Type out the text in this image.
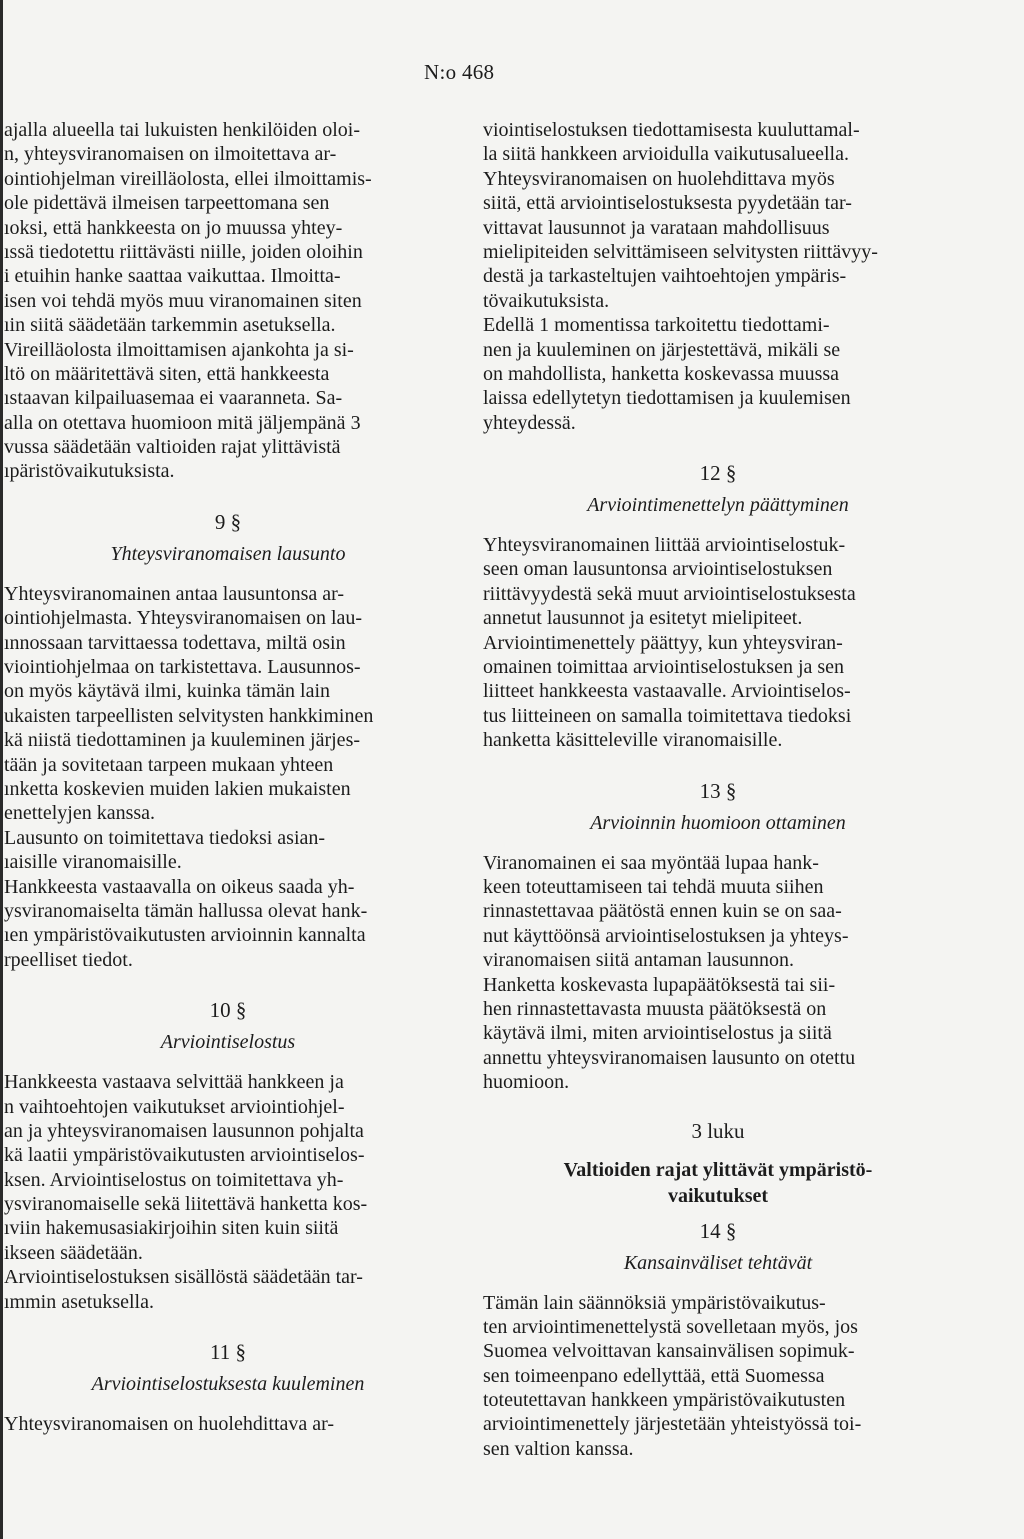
N:o 468
ajalla alueella tai lukuisten henkilöiden oloi-
n, yhteysviranomaisen on ilmoitettava ar-
ointiohjelman vireilläolosta, ellei ilmoittamis-
ole pidettävä ilmeisen tarpeettomana sen
ıoksi, että hankkeesta on jo muussa yhtey-
ıssä tiedotettu riittävästi niille, joiden oloihin
i etuihin hanke saattaa vaikuttaa. Ilmoitta-
isen voi tehdä myös muu viranomainen siten
ıin siitä säädetään tarkemmin asetuksella.
Vireilläolosta ilmoittamisen ajankohta ja si-
ltö on määritettävä siten, että hankkeesta
ıstaavan kilpailuasemaa ei vaaranneta. Sa-
alla on otettava huomioon mitä jäljempänä 3
vussa säädetään valtioiden rajat ylittävistä
ıpäristövaikutuksista.
9 §
Yhteysviranomaisen lausunto
Yhteysviranomainen antaa lausuntonsa ar-
ointiohjelmasta. Yhteysviranomaisen on lau-
ınnossaan tarvittaessa todettava, miltä osin
viointiohjelmaa on tarkistettava. Lausunnos-
on myös käytävä ilmi, kuinka tämän lain
ukaisten tarpeellisten selvitysten hankkiminen
kä niistä tiedottaminen ja kuuleminen järjes-
tään ja sovitetaan tarpeen mukaan yhteen
ınketta koskevien muiden lakien mukaisten
enettelyjen kanssa.
Lausunto on toimitettava tiedoksi asian-
ıaisille viranomaisille.
Hankkeesta vastaavalla on oikeus saada yh-
ysviranomaiselta tämän hallussa olevat hank-
ıen ympäristövaikutusten arvioinnin kannalta
rpeelliset tiedot.
10 §
Arviointiselostus
Hankkeesta vastaava selvittää hankkeen ja
n vaihtoehtojen vaikutukset arviointiohjel-
an ja yhteysviranomaisen lausunnon pohjalta
kä laatii ympäristövaikutusten arviointiselos-
ksen. Arviointiselostus on toimitettava yh-
ysviranomaiselle sekä liitettävä hanketta kos-
ıviin hakemusasiakirjoihin siten kuin siitä
ikseen säädetään.
Arviointiselostuksen sisällöstä säädetään tar-
ımmin asetuksella.
11 §
Arviointiselostuksesta kuuleminen
Yhteysviranomaisen on huolehdittava ar-
viointiselostuksen tiedottamisesta kuuluttamal-
la siitä hankkeen arvioidulla vaikutusalueella.
Yhteysviranomaisen on huolehdittava myös
siitä, että arviointiselostuksesta pyydetään tar-
vittavat lausunnot ja varataan mahdollisuus
mielipiteiden selvittämiseen selvitysten riittävyy-
destä ja tarkasteltujen vaihtoehtojen ympäris-
tövaikutuksista.
Edellä 1 momentissa tarkoitettu tiedottami-
nen ja kuuleminen on järjestettävä, mikäli se
on mahdollista, hanketta koskevassa muussa
laissa edellytetyn tiedottamisen ja kuulemisen
yhteydessä.
12 §
Arviointimenettelyn päättyminen
Yhteysviranomainen liittää arviointiselostuk-
seen oman lausuntonsa arviointiselostuksen
riittävyydestä sekä muut arviointiselostuksesta
annetut lausunnot ja esitetyt mielipiteet.
Arviointimenettely päättyy, kun yhteysviran-
omainen toimittaa arviointiselostuksen ja sen
liitteet hankkeesta vastaavalle. Arviointiselos-
tus liitteineen on samalla toimitettava tiedoksi
hanketta käsitteleville viranomaisille.
13 §
Arvioinnin huomioon ottaminen
Viranomainen ei saa myöntää lupaa hank-
keen toteuttamiseen tai tehdä muuta siihen
rinnastettavaa päätöstä ennen kuin se on saa-
nut käyttöönsä arviointiselostuksen ja yhteys-
viranomaisen siitä antaman lausunnon.
Hanketta koskevasta lupapäätöksestä tai sii-
hen rinnastettavasta muusta päätöksestä on
käytävä ilmi, miten arviointiselostus ja siitä
annettu yhteysviranomaisen lausunto on otettu
huomioon.
3 luku
Valtioiden rajat ylittävät ympäristö-
vaikutukset
14 §
Kansainväliset tehtävät
Tämän lain säännöksiä ympäristövaikutus-
ten arviointimenettelystä sovelletaan myös, jos
Suomea velvoittavan kansainvälisen sopimuk-
sen toimeenpano edellyttää, että Suomessa
toteutettavan hankkeen ympäristövaikutusten
arviointimenettely järjestetään yhteistyössä toi-
sen valtion kanssa.
